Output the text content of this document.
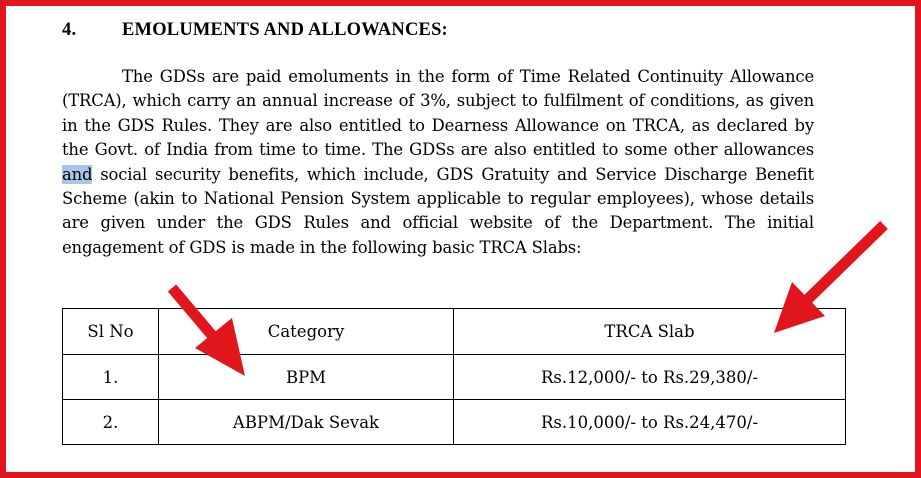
4.	EMOLUMENTS AND ALLOWANCES:

The GDSs are paid emoluments in the form of Time Related Continuity Allowance (TRCA), which carry an annual increase of 3%, subject to fulfilment of conditions, as given in the GDS Rules. They are also entitled to Dearness Allowance on TRCA, as declared by the Govt. of India from time to time. The GDSs are also entitled to some other allowances and social security benefits, which include, GDS Gratuity and Service Discharge Benefit Scheme (akin to National Pension System applicable to regular employees), whose details are given under the GDS Rules and official website of the Department. The initial engagement of GDS is made in the following basic TRCA Slabs:

Sl No	Category	TRCA Slab
1.	BPM	Rs.12,000/- to Rs.29,380/-
2.	ABPM/Dak Sevak	Rs.10,000/- to Rs.24,470/-
